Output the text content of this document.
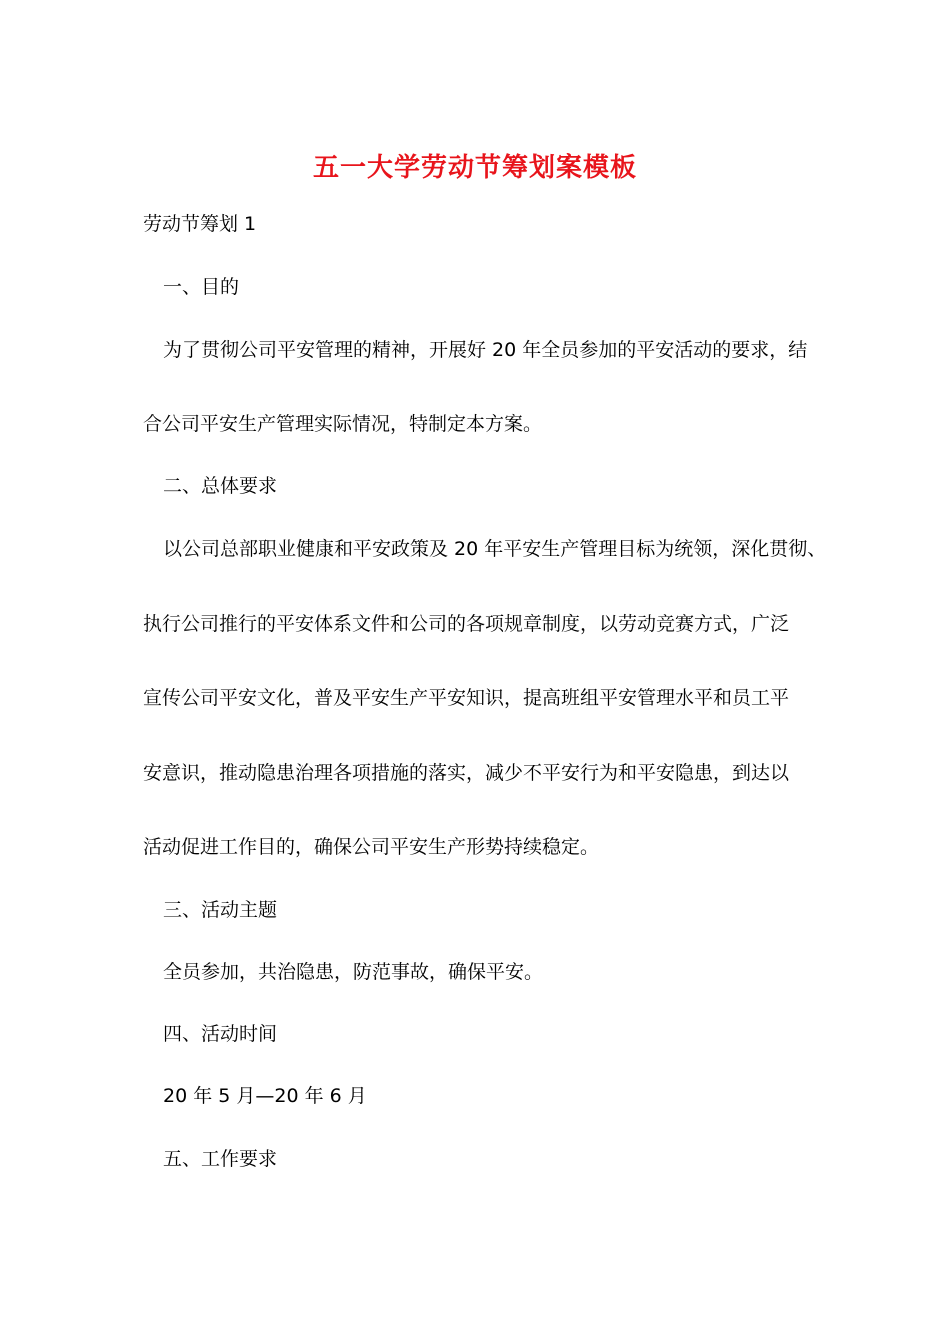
五一大学劳动节筹划案模板
劳动节筹划 1
一、目的
为了贯彻公司平安管理的精神，开展好 20 年全员参加的平安活动的要求，结
合公司平安生产管理实际情况，特制定本方案。
二、总体要求
以公司总部职业健康和平安政策及 20 年平安生产管理目标为统领，深化贯彻、
执行公司推行的平安体系文件和公司的各项规章制度，以劳动竞赛方式，广泛
宣传公司平安文化，普及平安生产平安知识，提高班组平安管理水平和员工平
安意识，推动隐患治理各项措施的落实，减少不平安行为和平安隐患，到达以
活动促进工作目的，确保公司平安生产形势持续稳定。
三、活动主题
全员参加，共治隐患，防范事故，确保平安。
四、活动时间
20 年 5 月—20 年 6 月
五、工作要求
